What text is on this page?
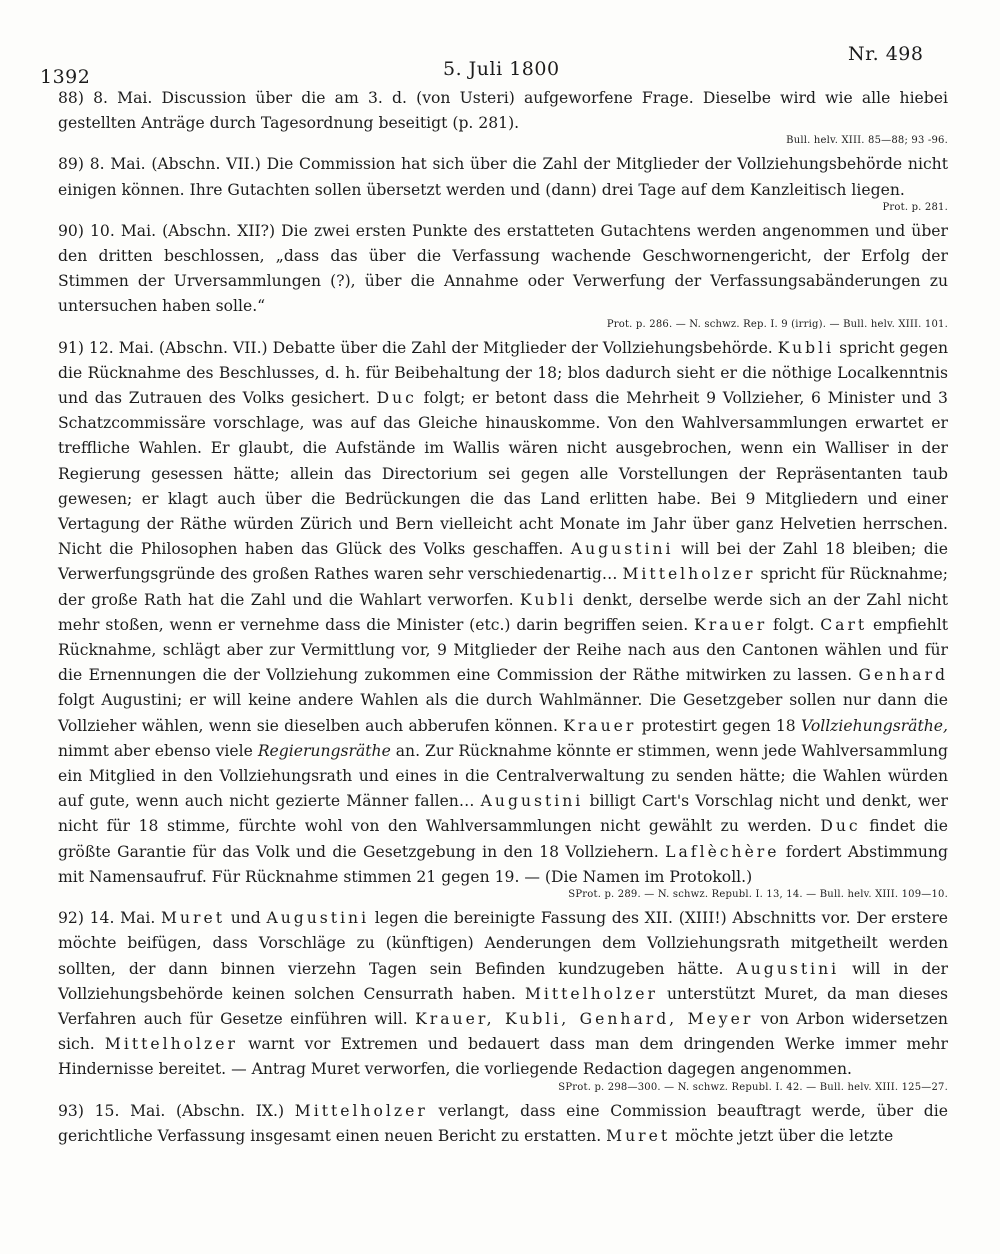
1392	5. Juli 1800
Nr. 498

88) 8. Mai. Discussion über die am 3. d. (von Usteri) aufgeworfene Frage. Dieselbe wird wie alle hiebei gestellten Anträge durch Tagesordnung beseitigt (p. 281).

Bull. helv. XIII. 85—88; 93 -96.

89) 8. Mai. (Abschn. VII.) Die Commission hat sich über die Zahl der Mitglieder der Vollziehungsbehörde nicht einigen können. Ihre Gutachten sollen übersetzt werden und (dann) drei Tage auf dem Kanzleitisch liegen.

Prot. p. 281.

90) 10. Mai. (Abschn. XII?) Die zwei ersten Punkte des erstatteten Gutachtens werden angenommen und über den dritten beschlossen, „dass das über die Verfassung wachende Geschwornengericht, der Erfolg der Stimmen der Urversammlungen (?), über die Annahme oder Verwerfung der Verfassungsabänderungen zu untersuchen haben solle.“

Prot. p. 286. — N. schwz. Rep. I. 9 (irrig). — Bull. helv. XIII. 101.

91) 12. Mai. (Abschn. VII.) Debatte über die Zahl der Mitglieder der Vollziehungsbehörde. Kubli spricht gegen die Rücknahme des Beschlusses, d. h. für Beibehaltung der 18; blos dadurch sieht er die nöthige Localkenntnis und das Zutrauen des Volks gesichert. Duc folgt; er betont dass die Mehrheit 9 Vollzieher, 6 Minister und 3 Schatzcommissäre vorschlage, was auf das Gleiche hinauskomme. Von den Wahlversammlungen erwartet er treffliche Wahlen. Er glaubt, die Aufstände im Wallis wären nicht ausgebrochen, wenn ein Walliser in der Regierung gesessen hätte; allein das Directorium sei gegen alle Vorstellungen der Repräsentanten taub gewesen; er klagt auch über die Bedrückungen die das Land erlitten habe. Bei 9 Mitgliedern und einer Vertagung der Räthe würden Zürich und Bern vielleicht acht Monate im Jahr über ganz Helvetien herrschen. Nicht die Philosophen haben das Glück des Volks geschaffen. Augustini will bei der Zahl 18 bleiben; die Verwerfungsgründe des großen Rathes waren sehr verschiedenartig… Mittelholzer spricht für Rücknahme; der große Rath hat die Zahl und die Wahlart verworfen. Kubli denkt, derselbe werde sich an der Zahl nicht mehr stoßen, wenn er vernehme dass die Minister (etc.) darin begriffen seien. Krauer folgt. Cart empfiehlt Rücknahme, schlägt aber zur Vermittlung vor, 9 Mitglieder der Reihe nach aus den Cantonen wählen und für die Ernennungen die der Vollziehung zukommen eine Commission der Räthe mitwirken zu lassen. Genhard folgt Augustini; er will keine andere Wahlen als die durch Wahlmänner. Die Gesetzgeber sollen nur dann die Vollzieher wählen, wenn sie dieselben auch abberufen können. Krauer protestirt gegen 18 Vollziehungsräthe, nimmt aber ebenso viele Regierungsräthe an. Zur Rücknahme könnte er stimmen, wenn jede Wahlversammlung ein Mitglied in den Vollziehungsrath und eines in die Centralverwaltung zu senden hätte; die Wahlen würden auf gute, wenn auch nicht gezierte Männer fallen… Augustini billigt Cart's Vorschlag nicht und denkt, wer nicht für 18 stimme, fürchte wohl von den Wahlversammlungen nicht gewählt zu werden. Duc findet die größte Garantie für das Volk und die Gesetzgebung in den 18 Vollziehern. Laflèchère fordert Abstimmung mit Namensaufruf. Für Rücknahme stimmen 21 gegen 19. — (Die Namen im Protokoll.)

SProt. p. 289. — N. schwz. Republ. I. 13, 14. — Bull. helv. XIII. 109—10.

92) 14. Mai. Muret und Augustini legen die bereinigte Fassung des XII. (XIII!) Abschnitts vor. Der erstere möchte beifügen, dass Vorschläge zu (künftigen) Aenderungen dem Vollziehungsrath mitgetheilt werden sollten, der dann binnen vierzehn Tagen sein Befinden kundzugeben hätte. Augustini will in der Vollziehungsbehörde keinen solchen Censurrath haben. Mittelholzer unterstützt Muret, da man dieses Verfahren auch für Gesetze einführen will. Krauer, Kubli, Genhard, Meyer von Arbon widersetzen sich. Mittelholzer warnt vor Extremen und bedauert dass man dem dringenden Werke immer mehr Hindernisse bereitet. — Antrag Muret verworfen, die vorliegende Redaction dagegen angenommen.

SProt. p. 298—300. — N. schwz. Republ. I. 42. — Bull. helv. XIII. 125—27.

93) 15. Mai. (Abschn. IX.) Mittelholzer verlangt, dass eine Commission beauftragt werde, über die gerichtliche Verfassung insgesamt einen neuen Bericht zu erstatten. Muret möchte jetzt über die letzte
